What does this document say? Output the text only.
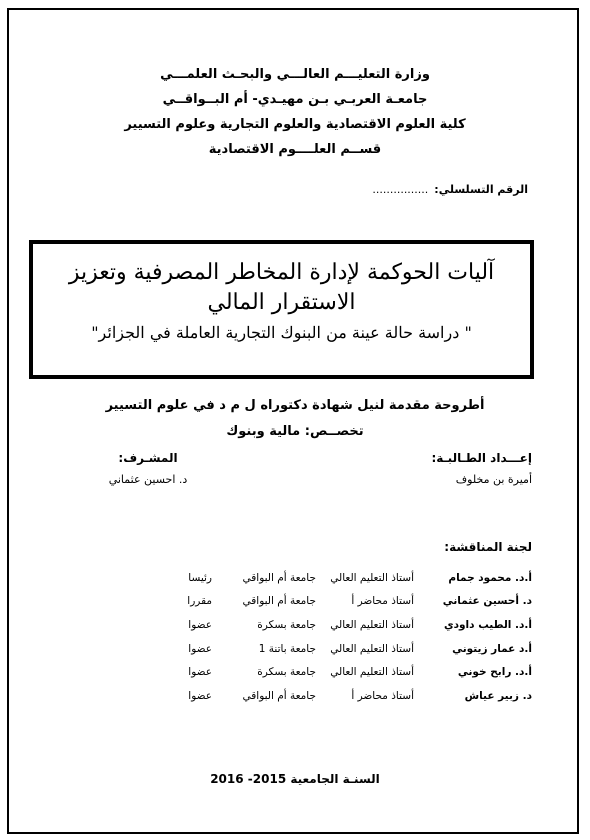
وزارة التعليـــم العالـــي والبحـث العلمـــي
جامعـة العربـي بـن مهيـدي- أم البــواقــي
كلية العلوم الاقتصادية والعلوم التجارية وعلوم التسيير
قســم العلــــوم الاقتصادية
الرقم التسلسلي:................
آليات الحوكمة لإدارة المخاطر المصرفية وتعزيز الاستقرار المالي
" دراسة حالة عينة من البنوك التجارية العاملة في الجزائر"
أطروحة مقدمة لنيل شهادة دكتوراه ل م د في علوم التسيير
تخصــص: مالية وبنوك
إعـــداد الطـالبـة:
أميرة بن مخلوف
المشـرف:
د. احسين عثماني
لجنة المناقشة:
أ.د. محمود جمام
أستاذ التعليم العالي
جامعة أم البواقي
رئيسا
د. أحسين عثماني
أستاذ محاضر أ
جامعة أم البواقي
مقررا
أ.د. الطيب داودي
أستاذ التعليم العالي
جامعة بسكرة
عضوا
أ.د عمار زيتوني
أستاذ التعليم العالي
جامعة باتنة 1
عضوا
أ.د. رابح خوني
أستاذ التعليم العالي
جامعة بسكرة
عضوا
د. زبير عياش
أستاذ محاضر أ
جامعة أم البواقي
عضوا
السنـة الجامعية 2015- 2016
